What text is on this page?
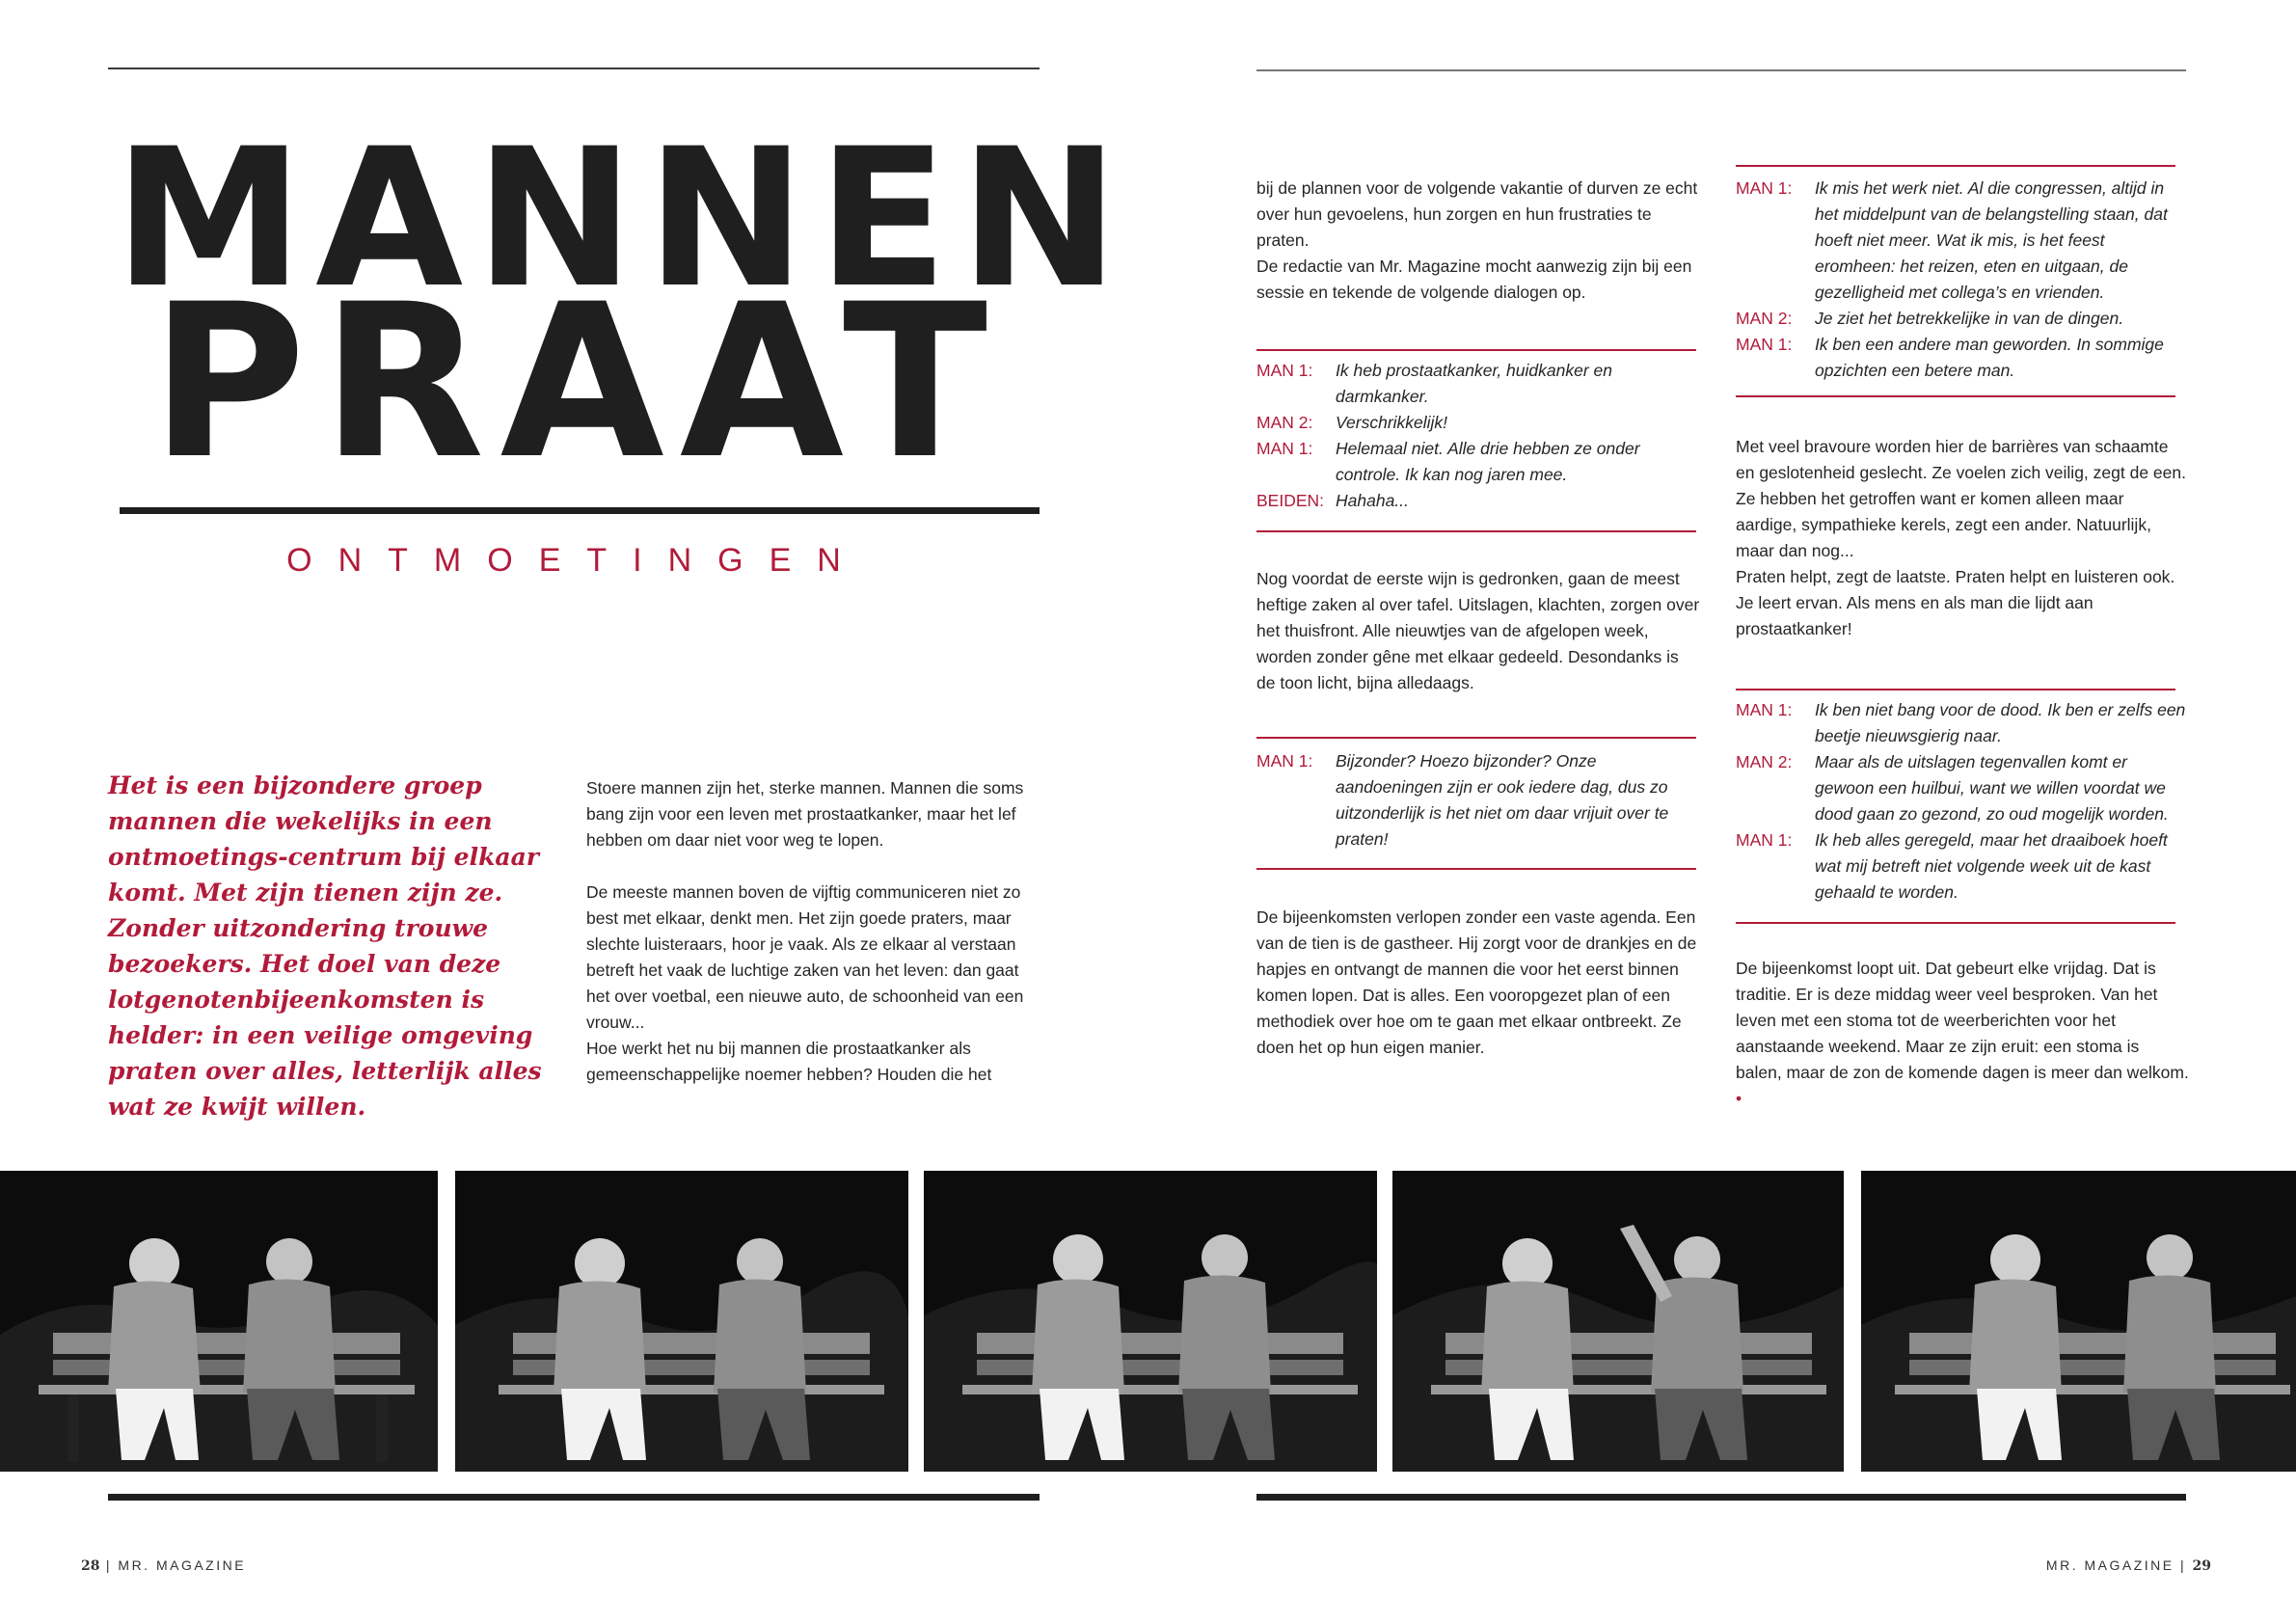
MANNEN
PRAAT
ONTMOETINGEN
Het is een bijzondere groep mannen die wekelijks in een ontmoetings-centrum bij elkaar komt. Met zijn tienen zijn ze. Zonder uitzondering trouwe bezoekers. Het doel van deze lotgenotenbijeenkomsten is helder: in een veilige omgeving praten over alles, letterlijk alles wat ze kwijt willen.

Stoere mannen zijn het, sterke mannen. Mannen die soms bang zijn voor een leven met prostaatkanker, maar het lef hebben om daar niet voor weg te lopen.

De meeste mannen boven de vijftig communiceren niet zo best met elkaar, denkt men. Het zijn goede praters, maar slechte luisteraars, hoor je vaak. Als ze elkaar al verstaan betreft het vaak de luchtige zaken van het leven: dan gaat het over voetbal, een nieuwe auto, de schoonheid van een vrouw...

Hoe werkt het nu bij mannen die prostaatkanker als gemeenschappelijke noemer hebben? Houden die het

bij de plannen voor de volgende vakantie of durven ze echt over hun gevoelens, hun zorgen en hun frustraties te praten.

De redactie van Mr. Magazine mocht aanwezig zijn bij een sessie en tekende de volgende dialogen op.

MAN 1:	Ik heb prostaatkanker, huidkanker en darmkanker.
MAN 2:	Verschrikkelijk!
MAN 1:	Helemaal niet. Alle drie hebben ze onder controle. Ik kan nog jaren mee.
BEIDEN: Hahaha...

Nog voordat de eerste wijn is gedronken, gaan de meest heftige zaken al over tafel. Uitslagen, klachten, zorgen over het thuisfront. Alle nieuwtjes van de afgelopen week, worden zonder gêne met elkaar gedeeld. Desondanks is de toon licht, bijna alledaags.

MAN 1:	Bijzonder? Hoezo bijzonder? Onze aandoeningen zijn er ook iedere dag, dus zo uitzonderlijk is het niet om daar vrijuit over te praten!

De bijeenkomsten verlopen zonder een vaste agenda. Een van de tien is de gastheer. Hij zorgt voor de drankjes en de hapjes en ontvangt de mannen die voor het eerst binnen komen lopen. Dat is alles. Een vooropgezet plan of een methodiek over hoe om te gaan met elkaar ontbreekt. Ze doen het op hun eigen manier.

MAN 1:	Ik mis het werk niet. Al die congressen, altijd in het middelpunt van de belangstelling staan, dat hoeft niet meer. Wat ik mis, is het feest eromheen: het reizen, eten en uitgaan, de gezelligheid met collega’s en vrienden.
MAN 2:	Je ziet het betrekkelijke in van de dingen.
MAN 1:	Ik ben een andere man geworden. In sommige opzichten een betere man.

Met veel bravoure worden hier de barrières van schaamte en geslotenheid geslecht. Ze voelen zich veilig, zegt de een. Ze hebben het getroffen want er komen alleen maar aardige, sympathieke kerels, zegt een ander. Natuurlijk, maar dan nog...

Praten helpt, zegt de laatste. Praten helpt en luisteren ook. Je leert ervan. Als mens en als man die lijdt aan prostaatkanker!

MAN 1:	Ik ben niet bang voor de dood. Ik ben er zelfs een beetje nieuwsgierig naar.
MAN 2:	Maar als de uitslagen tegenvallen komt er gewoon een huilbui, want we willen voordat we dood gaan zo gezond, zo oud mogelijk worden.
MAN 1:	Ik heb alles geregeld, maar het draaiboek hoeft wat mij betreft niet volgende week uit de kast gehaald te worden.

De bijeenkomst loopt uit. Dat gebeurt elke vrijdag. Dat is traditie. Er is deze middag weer veel besproken. Van het leven met een stoma tot de weerberichten voor het aanstaande weekend. Maar ze zijn eruit: een stoma is balen, maar de zon de komende dagen is meer dan welkom. •

28 | MR. MAGAZINE	MR. MAGAZINE | 29
